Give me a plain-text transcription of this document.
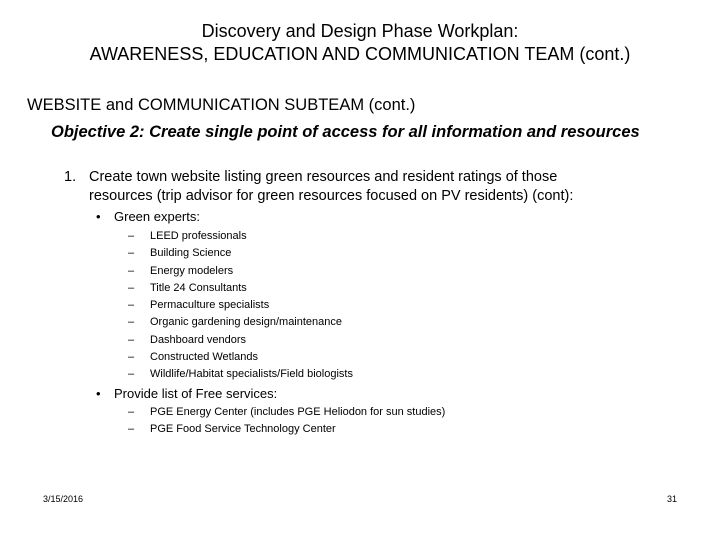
Discovery and Design Phase Workplan:
AWARENESS, EDUCATION AND COMMUNICATION TEAM (cont.)
WEBSITE and COMMUNICATION SUBTEAM (cont.)
Objective 2: Create single point of access for all information and resources
1. Create town website listing green resources and resident ratings of those
resources (trip advisor for green resources focused on PV residents) (cont):
• Green experts:
– LEED professionals
– Building Science
– Energy modelers
– Title 24 Consultants
– Permaculture specialists
– Organic gardening design/maintenance
– Dashboard vendors
– Constructed Wetlands
– Wildlife/Habitat specialists/Field biologists
• Provide list of Free services:
– PGE Energy Center (includes PGE Heliodon for sun studies)
– PGE Food Service Technology Center
3/15/2016	31
